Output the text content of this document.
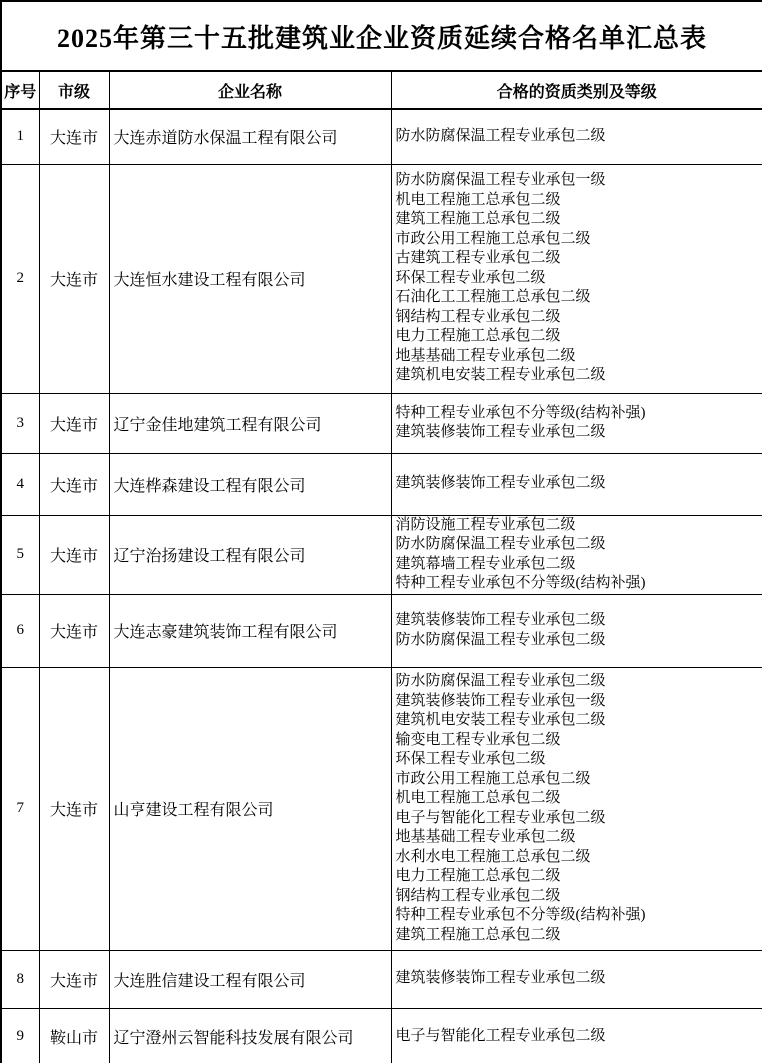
2025年第三十五批建筑业企业资质延续合格名单汇总表			
序号	市级	企业名称	合格的资质类别及等级
1	大连市	大连赤道防水保温工程有限公司	防水防腐保温工程专业承包二级

2	大连市	大连恒水建设工程有限公司	
防水防腐保温工程专业承包一级
机电工程施工总承包二级
建筑工程施工总承包二级
市政公用工程施工总承包二级
古建筑工程专业承包二级
环保工程专业承包二级
石油化工工程施工总承包二级
钢结构工程专业承包二级
电力工程施工总承包二级
地基基础工程专业承包二级
建筑机电安装工程专业承包二级

3	大连市	辽宁金佳地建筑工程有限公司	特种工程专业承包不分等级(结构补强)
建筑装修装饰工程专业承包二级

4	大连市	大连桦森建设工程有限公司	建筑装修装饰工程专业承包二级

5	大连市	辽宁治扬建设工程有限公司	消防设施工程专业承包二级
防水防腐保温工程专业承包二级
建筑幕墙工程专业承包二级
特种工程专业承包不分等级(结构补强)

6	大连市	大连志豪建筑装饰工程有限公司	建筑装修装饰工程专业承包二级
防水防腐保温工程专业承包二级

7	大连市	山亨建设工程有限公司	
防水防腐保温工程专业承包二级
建筑装修装饰工程专业承包一级
建筑机电安装工程专业承包二级
输变电工程专业承包二级
环保工程专业承包二级
市政公用工程施工总承包二级
机电工程施工总承包二级
电子与智能化工程专业承包二级
地基基础工程专业承包二级
水利水电工程施工总承包二级
电力工程施工总承包二级
钢结构工程专业承包二级
特种工程专业承包不分等级(结构补强)
建筑工程施工总承包二级

8	大连市	大连胜信建设工程有限公司	建筑装修装饰工程专业承包二级

9	鞍山市	辽宁澄州云智能科技发展有限公司	电子与智能化工程专业承包二级
